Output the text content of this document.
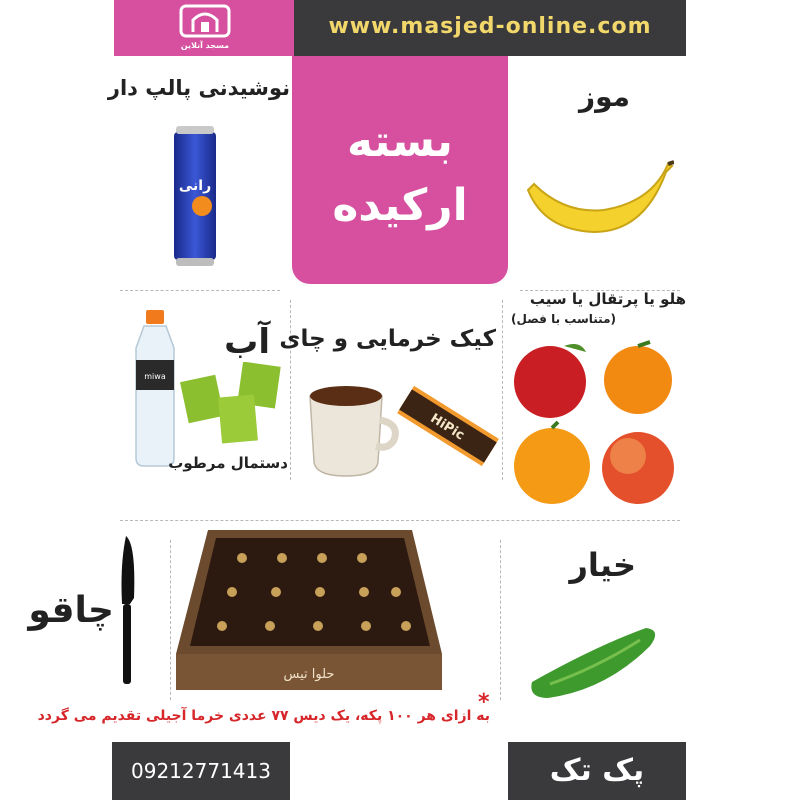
مسجد آنلاین
www.masjed-online.com
بسته
ارکیده
نوشیدنی پالپ دار
رانی
موز
miwa
آب
دستمال مرطوب
کیک خرمایی و چای
HiPic
هلو یا پرتقال یا سیب
(متناسب با فصل)
چاقو
حلوا تیس
خیار
*
به ازای هر ۱۰۰ پکه، یک دیس ۷۷ عددی خرما آجیلی تقدیم می گردد
09212771413	پک تک
